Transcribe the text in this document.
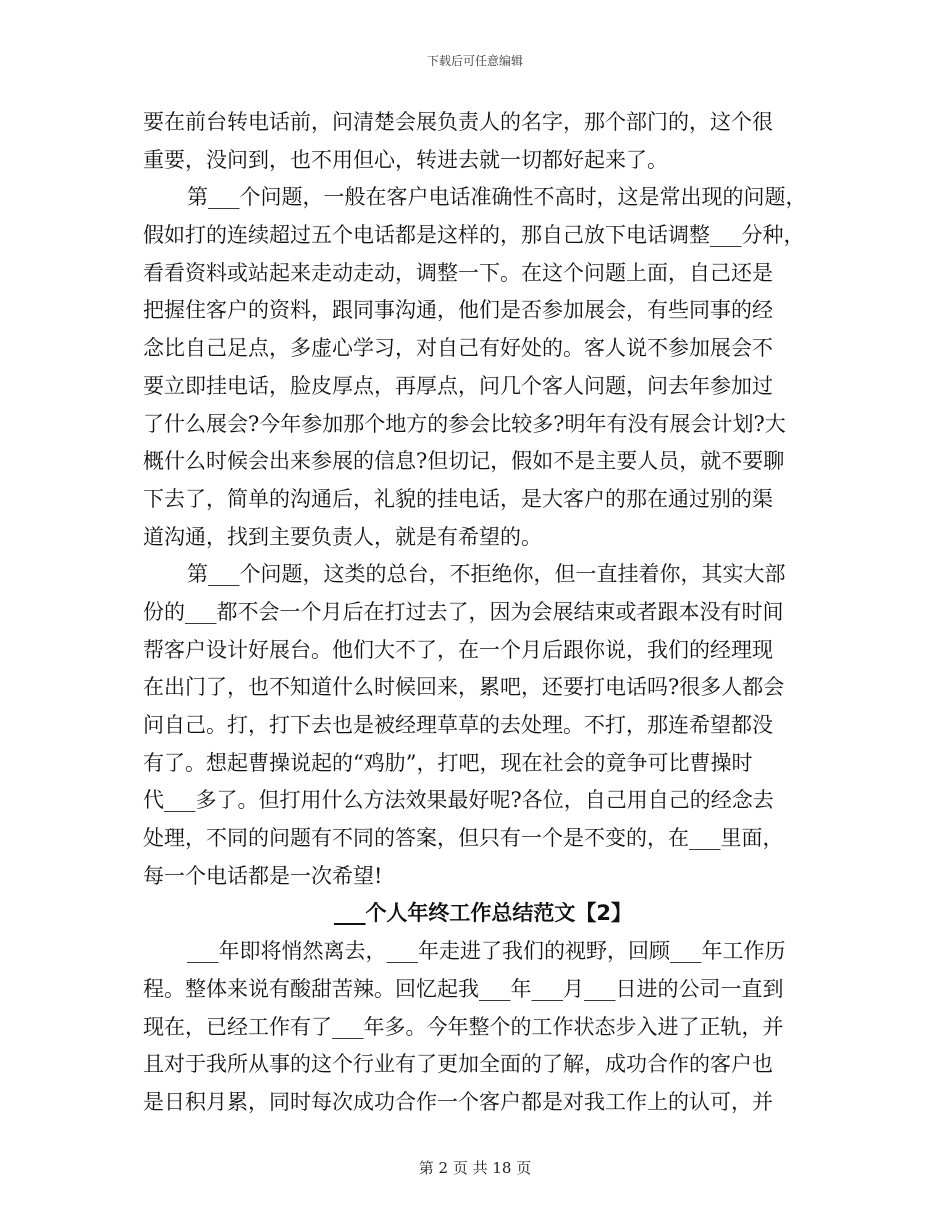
下载后可任意编辑
要在前台转电话前，问清楚会展负责人的名字，那个部门的，这个很
重要，没问到，也不用但心，转进去就一切都好起来了。
第___个问题，一般在客户电话准确性不高时，这是常出现的问题，
假如打的连续超过五个电话都是这样的，那自己放下电话调整___分种，
看看资料或站起来走动走动，调整一下。在这个问题上面，自己还是
把握住客户的资料，跟同事沟通，他们是否参加展会，有些同事的经
念比自己足点，多虚心学习，对自己有好处的。客人说不参加展会不
要立即挂电话，脸皮厚点，再厚点，问几个客人问题，问去年参加过
了什么展会?今年参加那个地方的参会比较多?明年有没有展会计划?大
概什么时候会出来参展的信息?但切记，假如不是主要人员，就不要聊
下去了，简单的沟通后，礼貌的挂电话，是大客户的那在通过别的渠
道沟通，找到主要负责人，就是有希望的。
第___个问题，这类的总台，不拒绝你，但一直挂着你，其实大部
份的___都不会一个月后在打过去了，因为会展结束或者跟本没有时间
帮客户设计好展台。他们大不了，在一个月后跟你说，我们的经理现
在出门了，也不知道什么时候回来，累吧，还要打电话吗?很多人都会
问自己。打，打下去也是被经理草草的去处理。不打，那连希望都没
有了。想起曹操说起的“鸡肋”，打吧，现在社会的竟争可比曹操时
代___多了。但打用什么方法效果最好呢?各位，自己用自己的经念去
处理，不同的问题有不同的答案，但只有一个是不变的，在___里面，
每一个电话都是一次希望!
___个人年终工作总结范文【2】
___年即将悄然离去，___年走进了我们的视野，回顾___年工作历
程。整体来说有酸甜苦辣。回忆起我___年___月___日进的公司一直到
现在，已经工作有了___年多。今年整个的工作状态步入进了正轨，并
且对于我所从事的这个行业有了更加全面的了解，成功合作的客户也
是日积月累，同时每次成功合作一个客户都是对我工作上的认可，并
第 2 页 共 18 页
